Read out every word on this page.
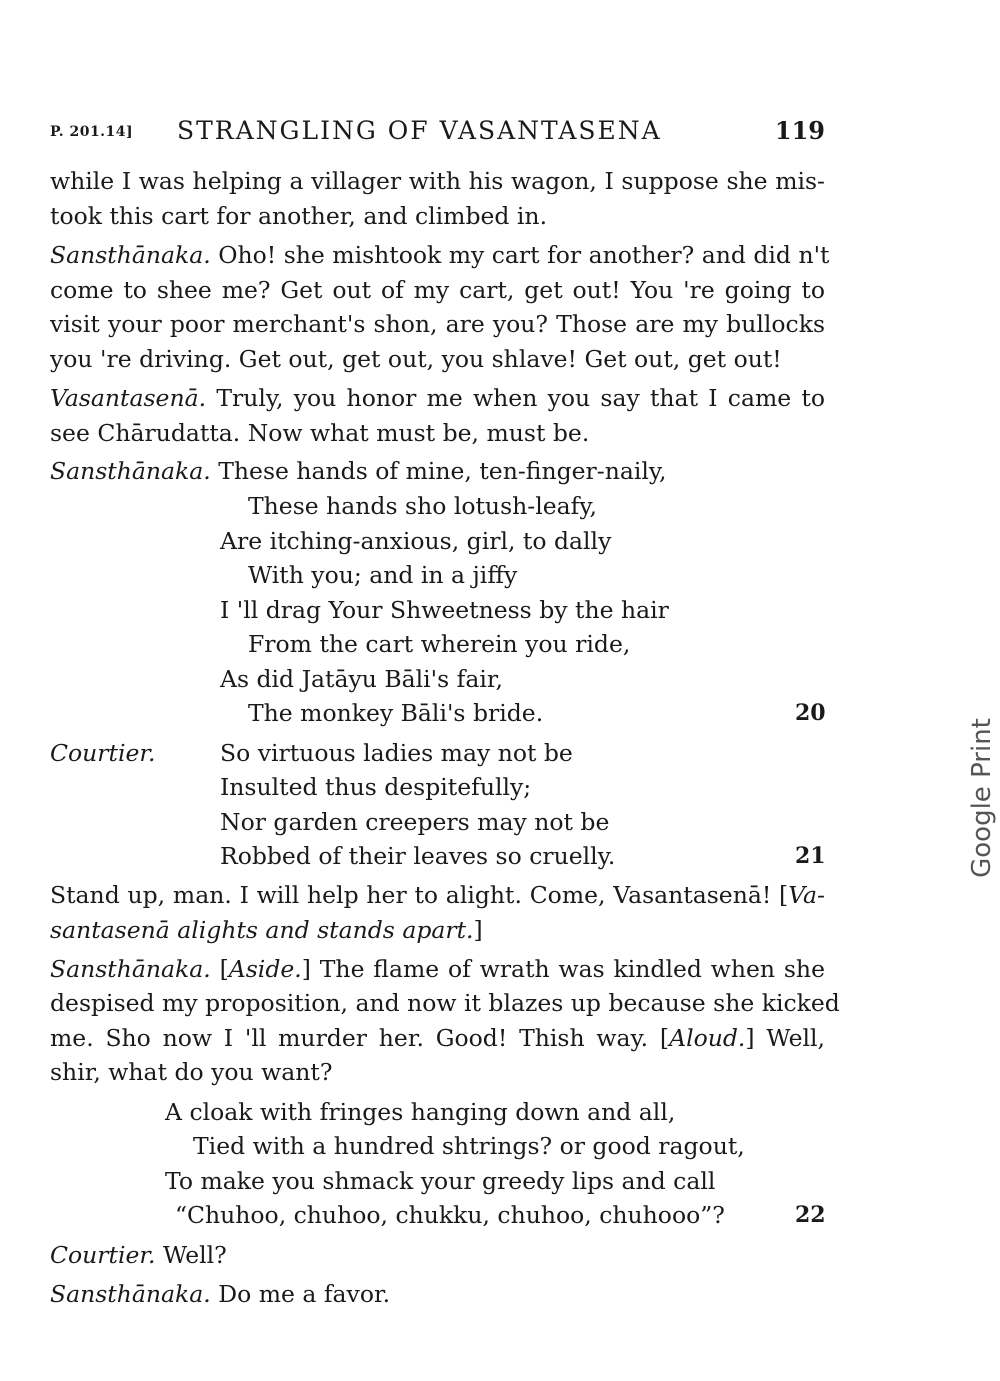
P. 201.14] STRANGLING OF VASANTASENA	119
while I was helping a villager with his wagon, I suppose she mis-
took this cart for another, and climbed in.
Sansthānaka. Oho! she mishtook my cart for another? and did n't
come to shee me? Get out of my cart, get out! You 're going to
visit your poor merchant's shon, are you? Those are my bullocks
you 're driving. Get out, get out, you shlave! Get out, get out!
Vasantasenā. Truly, you honor me when you say that I came to
see Chārudatta. Now what must be, must be.
Sansthānaka. These hands of mine, ten-finger-naily,
These hands sho lotush-leafy,
Are itching-anxious, girl, to dally
With you; and in a jiffy
I 'll drag Your Shweetness by the hair
From the cart wherein you ride,
As did Jatāyu Bāli's fair,
The monkey Bāli's bride.	20
Courtier.	So virtuous ladies may not be
Insulted thus despitefully;
Nor garden creepers may not be
Robbed of their leaves so cruelly.	21
Stand up, man. I will help her to alight. Come, Vasantasenā! [Va-
santasenā alights and stands apart.]
Sansthānaka. [Aside.] The flame of wrath was kindled when she
despised my proposition, and now it blazes up because she kicked
me. Sho now I 'll murder her. Good! Thish way. [Aloud.] Well,
shir, what do you want?
A cloak with fringes hanging down and all,
Tied with a hundred shtrings? or good ragout,
To make you shmack your greedy lips and call
“Chuhoo, chuhoo, chukku, chuhoo, chuhooo”?	22
Courtier. Well?
Sansthānaka. Do me a favor.
Google Print
